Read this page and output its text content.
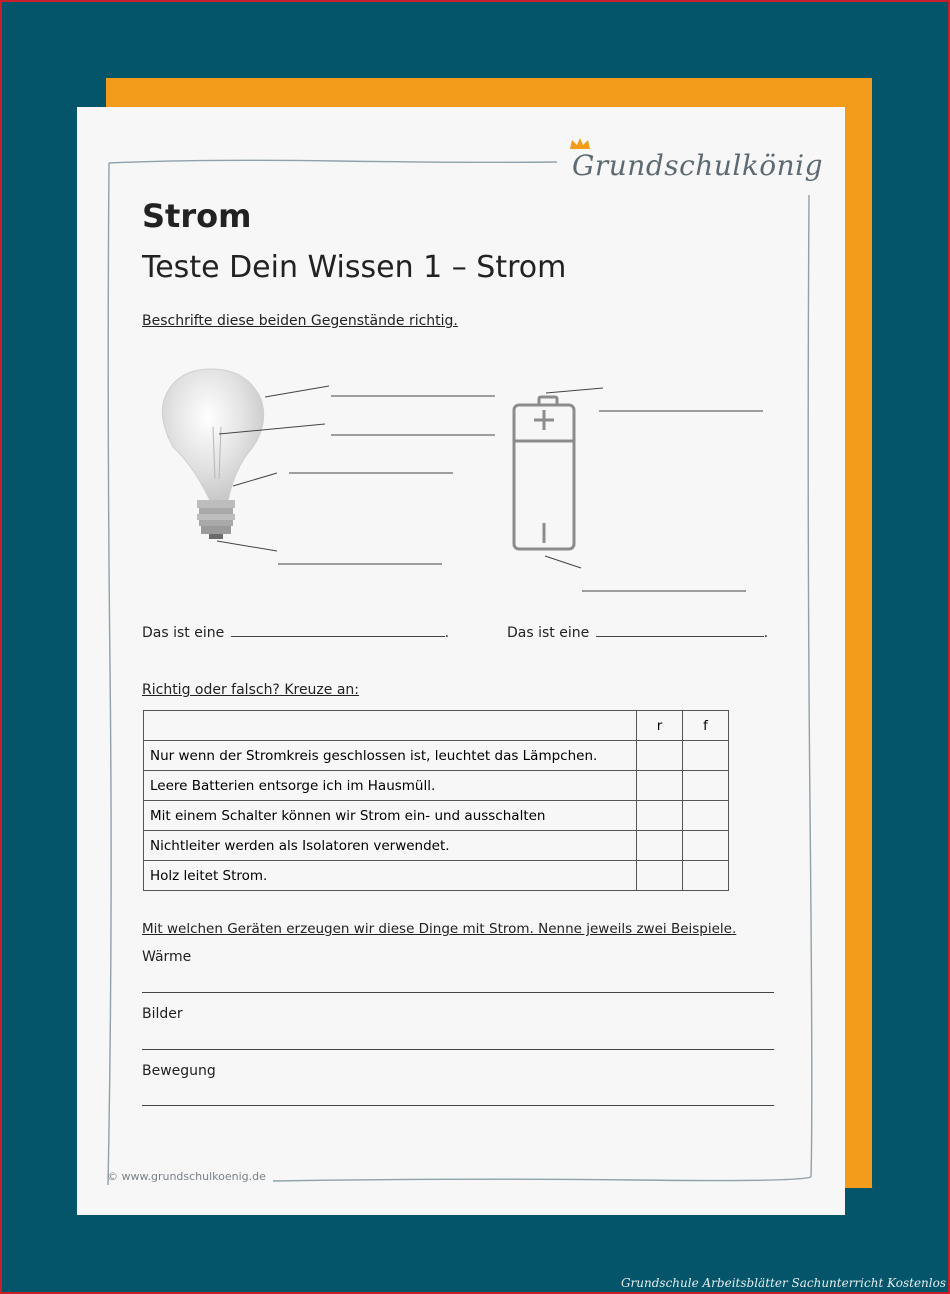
Grundschulkönig
Strom
Teste Dein Wissen 1 – Strom
Beschrifte diese beiden Gegenstände richtig.
Das ist eine	.	Das ist eine	.
Richtig oder falsch? Kreuze an:
	r	f
Nur wenn der Stromkreis geschlossen ist, leuchtet das Lämpchen.		
Leere Batterien entsorge ich im Hausmüll.		
Mit einem Schalter können wir Strom ein- und ausschalten		
Nichtleiter werden als Isolatoren verwendet.		
Holz leitet Strom.		
Mit welchen Geräten erzeugen wir diese Dinge mit Strom. Nenne jeweils zwei Beispiele.
Wärme
Bilder
Bewegung
© www.grundschulkoenig.de
Grundschule Arbeitsblätter Sachunterricht Kostenlos
